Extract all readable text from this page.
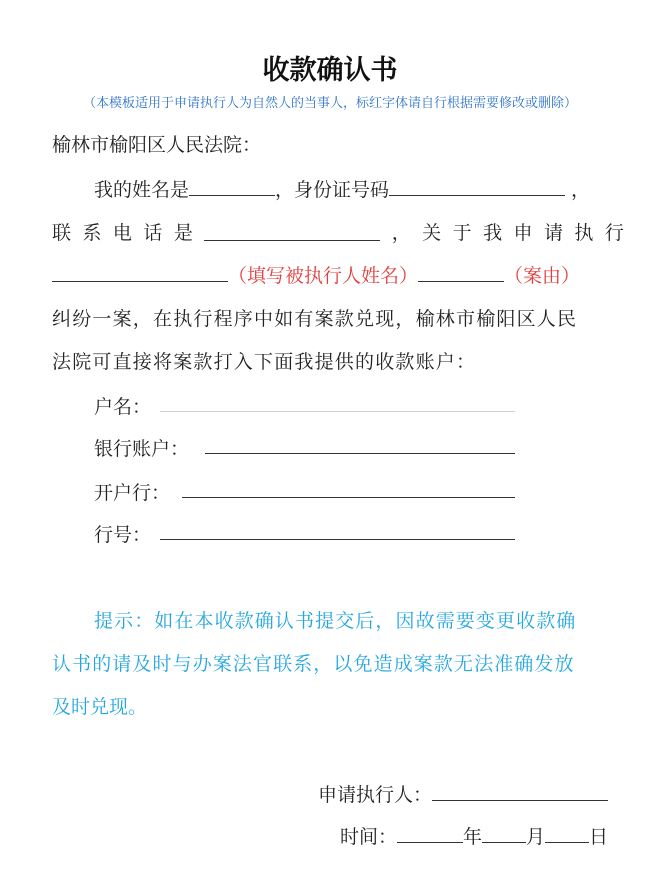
收款确认书
（本模板适用于申请执行人为自然人的当事人，标红字体请自行根据需要修改或删除）
榆林市榆阳区人民法院：
我的姓名是	，身份证号码	，
联 系 电 话 是	， 关 于 我 申 请 执 行
（填写被执行人姓名）	（案由）
纠纷一案，在执行程序中如有案款兑现，榆林市榆阳区人民
法院可直接将案款打入下面我提供的收款账户：
户名：
银行账户：
开户行：
行号：
提示：如在本收款确认书提交后，因故需要变更收款确
认书的请及时与办案法官联系，以免造成案款无法准确发放
及时兑现。
申请执行人：
时间：	年 月 日
